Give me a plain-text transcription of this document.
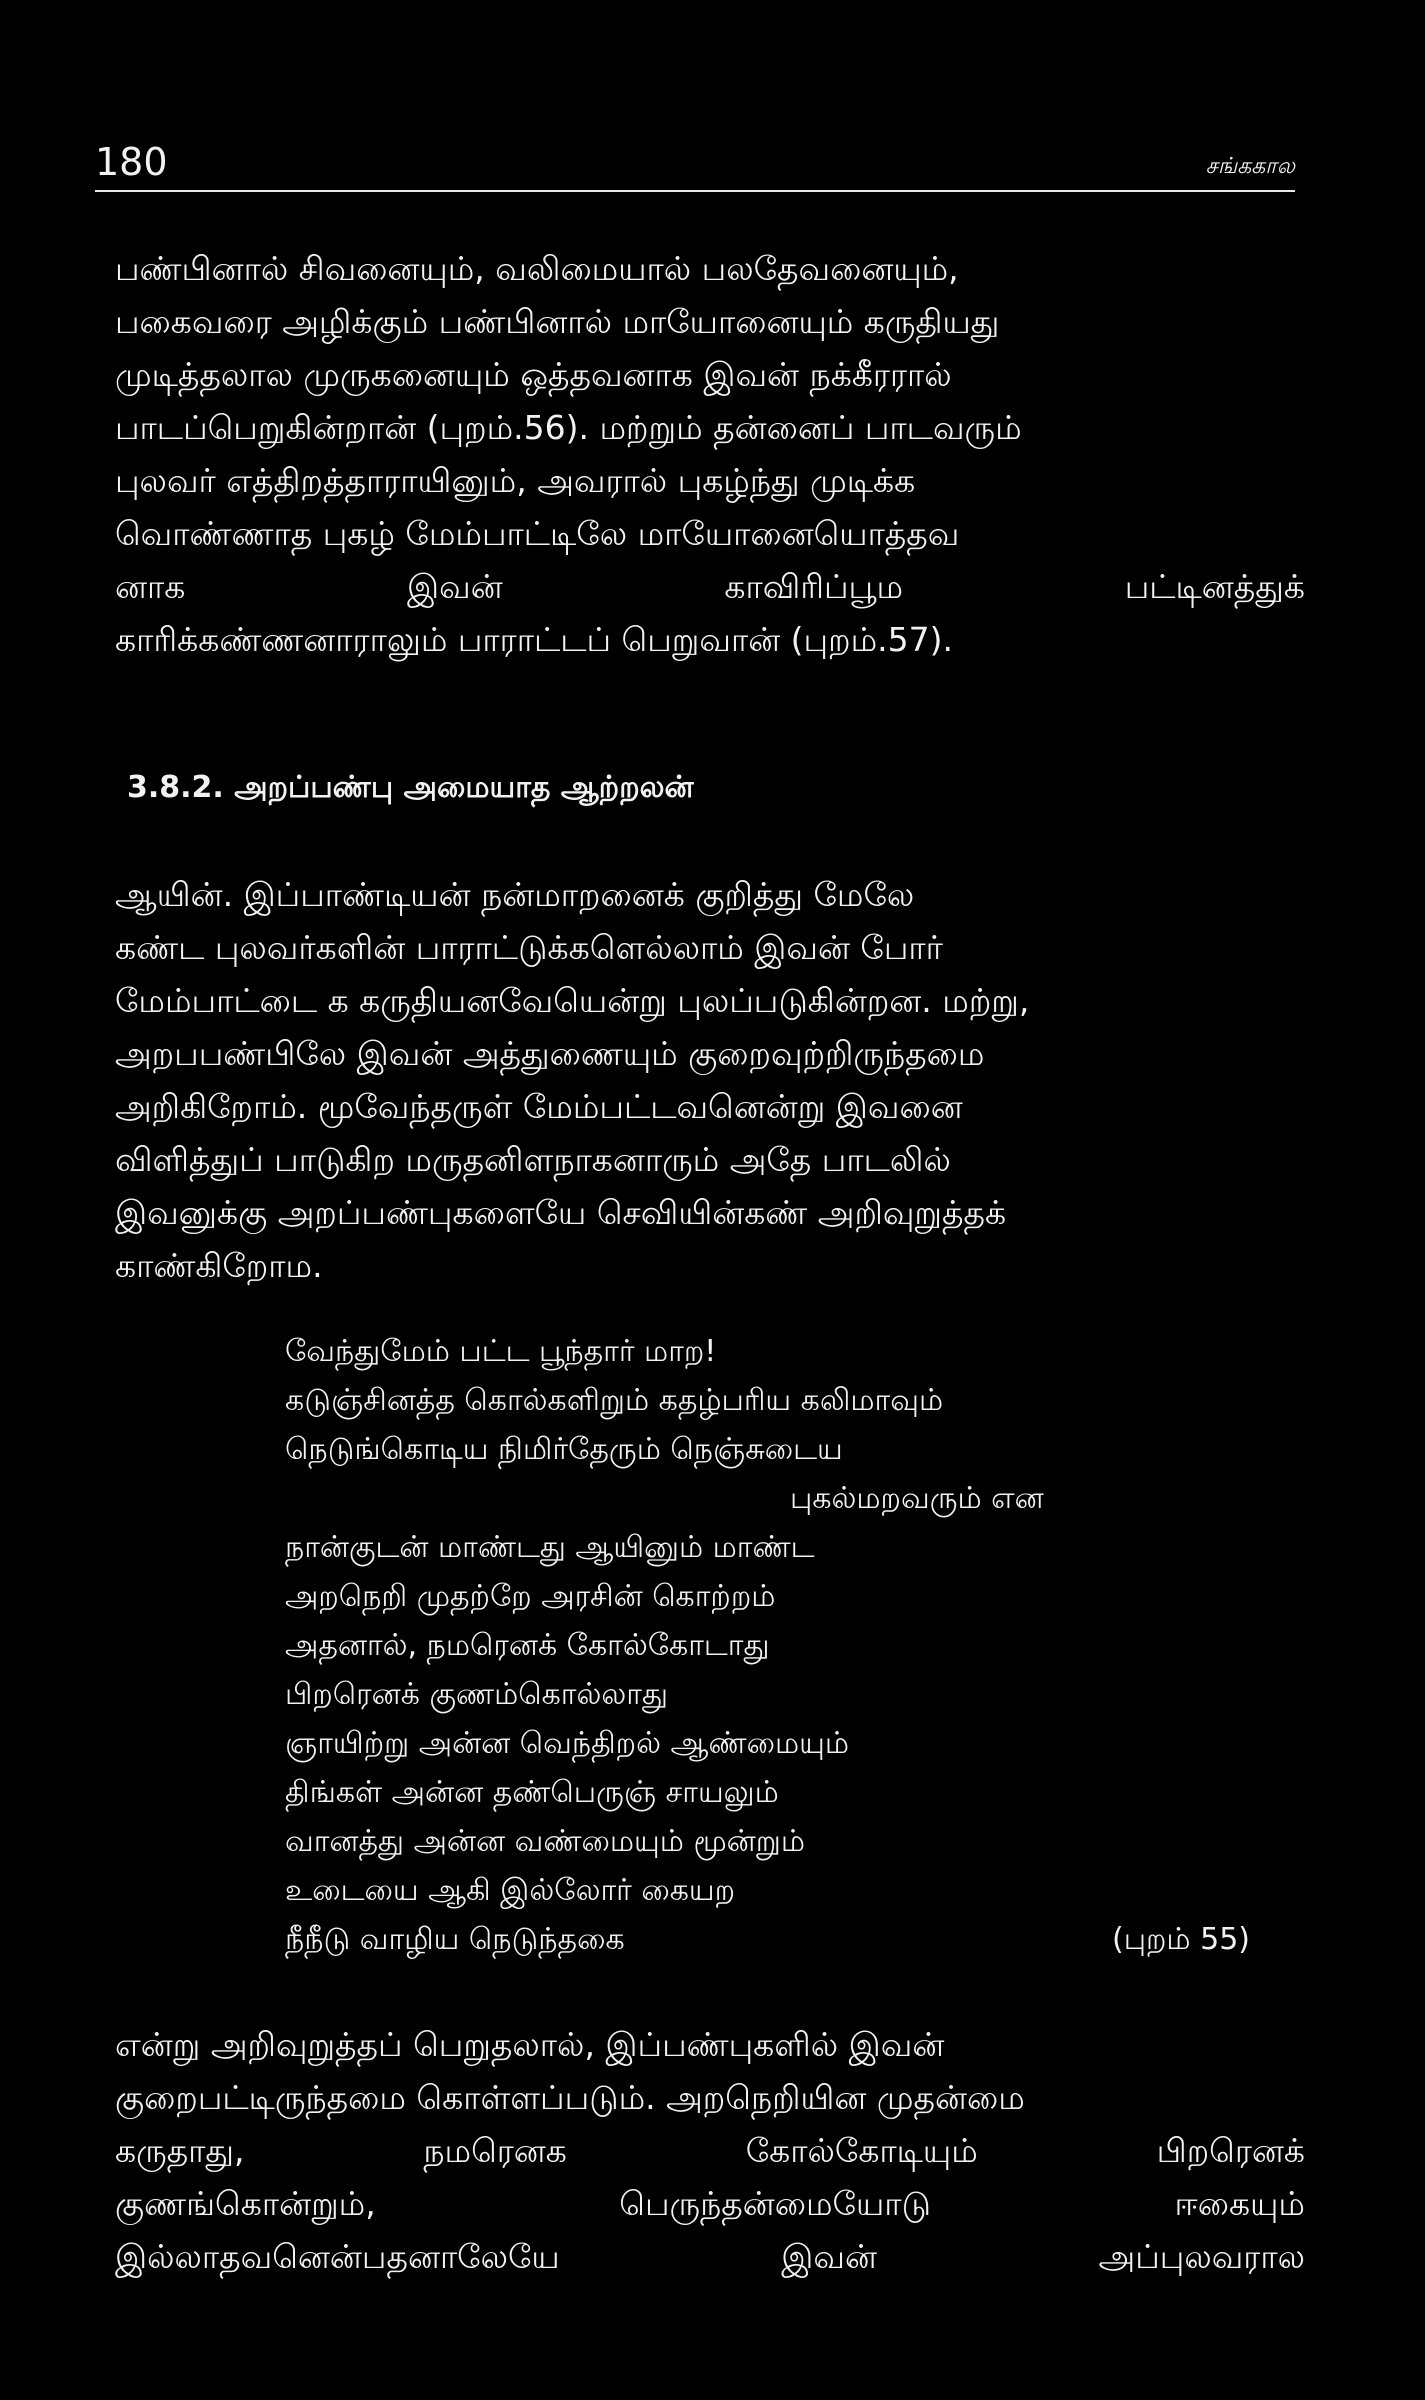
180	சங்ககால
பண்பினால் சிவனையும், வலிமையால் பலதேவனையும்,
பகைவரை அழிக்கும் பண்பினால் மாயோனையும் கருதியது
முடித்தலால முருகனையும் ஒத்தவனாக இவன் நக்கீரரால்
பாடப்பெறுகின்றான் (புறம்.56). மற்றும் தன்னைப் பாடவரும்
புலவர் எத்திறத்தாராயினும், அவரால் புகழ்ந்து முடிக்க
வொண்ணாத புகழ் மேம்பாட்டிலே மாயோனையொத்தவ
னாக	இவன்	காவிரிப்பூம	பட்டினத்துக்
காரிக்கண்ணனாராலும் பாராட்டப் பெறுவான் (புறம்.57).
3.8.2. அறப்பண்பு அமையாத ஆற்றலன்
ஆயின். இப்பாண்டியன் நன்மாறனைக் குறித்து மேலே
கண்ட புலவர்களின் பாராட்டுக்களெல்லாம் இவன் போர்
மேம்பாட்டை க கருதியனவேயென்று புலப்படுகின்றன. மற்று,
அறபபண்பிலே இவன் அத்துணையும் குறைவுற்றிருந்தமை
அறிகிறோம். மூவேந்தருள் மேம்பட்டவனென்று இவனை
விளித்துப் பாடுகிற மருதனிளநாகனாரும் அதே பாடலில்
இவனுக்கு அறப்பண்புகளையே செவியின்கண் அறிவுறுத்தக்
காண்கிறோம.
வேந்துமேம் பட்ட பூந்தார் மாற!
கடுஞ்சினத்த கொல்களிறும் கதழ்பரிய கலிமாவும்
நெடுங்கொடிய நிமிர்தேரும் நெஞ்சுடைய
புகல்மறவரும் என
நான்குடன் மாண்டது ஆயினும் மாண்ட
அறநெறி முதற்றே அரசின் கொற்றம்
அதனால், நமரெனக் கோல்கோடாது
பிறரெனக் குணம்கொல்லாது
ஞாயிற்று அன்ன வெந்திறல் ஆண்மையும்
திங்கள் அன்ன தண்பெருஞ் சாயலும்
வானத்து அன்ன வண்மையும் மூன்றும்
உடையை ஆகி இல்லோர் கையற
நீநீடு வாழிய நெடுந்தகை	(புறம் 55)
என்று அறிவுறுத்தப் பெறுதலால், இப்பண்புகளில் இவன்
குறைபட்டிருந்தமை கொள்ளப்படும். அறநெறியின முதன்மை
கருதாது,	நமரெனக	கோல்கோடியும்	பிறரெனக்
குணங்கொன்றும்,	பெருந்தன்மையோடு	ஈகையும்
இல்லாதவனென்பதனாலேயே	இவன்	அப்புலவரால
